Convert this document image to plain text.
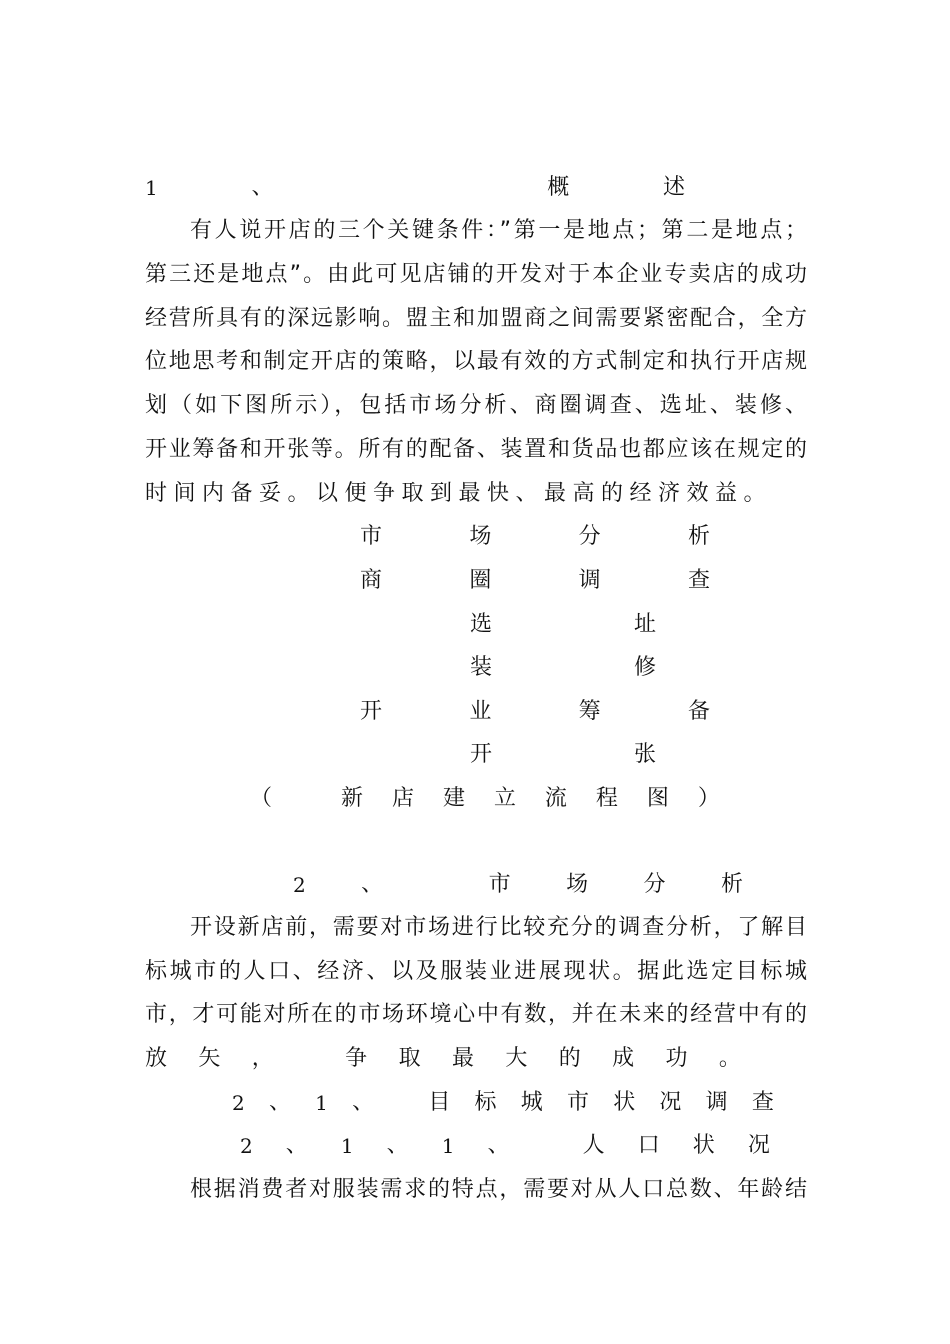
1	、	概	述
有人说开店的三个关键条件：”第一是地点；第二是地点；
第三还是地点”。由此可见店铺的开发对于本企业专卖店的成功
经营所具有的深远影响。盟主和加盟商之间需要紧密配合，全方
位地思考和制定开店的策略，以最有效的方式制定和执行开店规
划（如下图所示），包括市场分析、商圈调查、选址、装修、
开业筹备和开张等。所有的配备、装置和货品也都应该在规定的
时间内备妥。以便争取到最快、最高的经济效益。
市	场	分	析
商	圈	调	查
选	址
装	修
开	业	筹	备
开	张
（	新 店 建 立 流 程 图 ）
2	、	市	场	分	析
开设新店前，需要对市场进行比较充分的调查分析，了解目
标城市的人口、经济、以及服装业进展现状。据此选定目标城
市，才可能对所在的市场环境心中有数，并在未来的经营中有的
放 矢 ，	争 取 最 大 的 成 功 。
2 、 1 、 目 标 城 市 状 况 调 查
2 、 1 、 1 、	人 口 状 况
根据消费者对服装需求的特点，需要对从人口总数、年龄结
